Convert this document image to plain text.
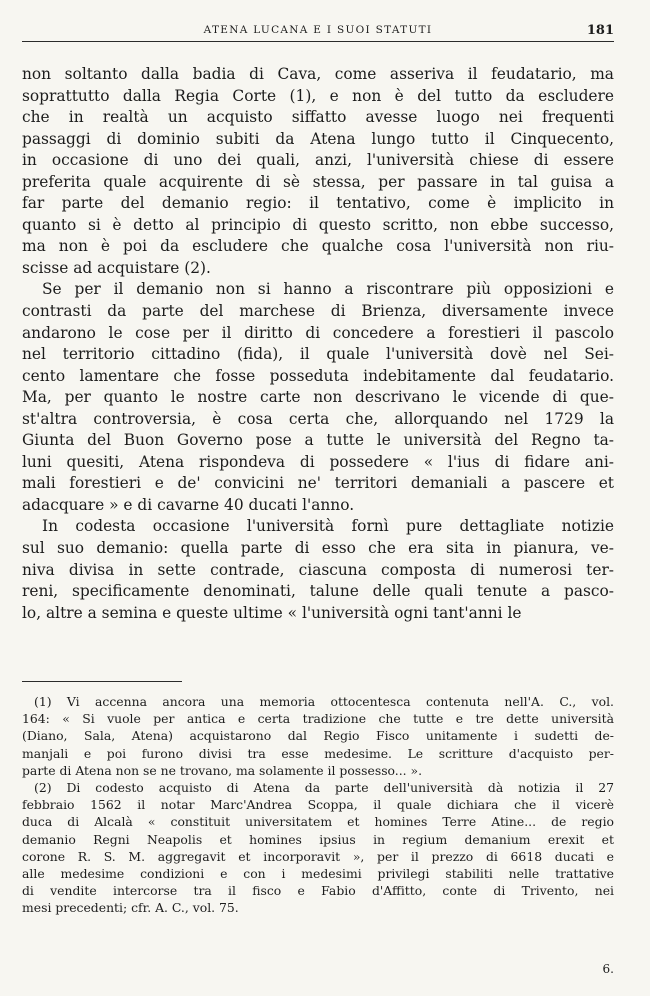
ATENA LUCANA E I SUOI STATUTI	181
non soltanto dalla badia di Cava, come asseriva il feudatario, ma
soprattutto dalla Regia Corte (1), e non è del tutto da escludere
che in realtà un acquisto siffatto avesse luogo nei frequenti
passaggi di dominio subiti da Atena lungo tutto il Cinquecento,
in occasione di uno dei quali, anzi, l'università chiese di essere
preferita quale acquirente di sè stessa, per passare in tal guisa a
far parte del demanio regio: il tentativo, come è implicito in
quanto si è detto al principio di questo scritto, non ebbe successo,
ma non è poi da escludere che qualche cosa l'università non riu-
scisse ad acquistare (2).
Se per il demanio non si hanno a riscontrare più opposizioni e
contrasti da parte del marchese di Brienza, diversamente invece
andarono le cose per il diritto di concedere a forestieri il pascolo
nel territorio cittadino (fida), il quale l'università dovè nel Sei-
cento lamentare che fosse posseduta indebitamente dal feudatario.
Ma, per quanto le nostre carte non descrivano le vicende di que-
st'altra controversia, è cosa certa che, allorquando nel 1729 la
Giunta del Buon Governo pose a tutte le università del Regno ta-
luni quesiti, Atena rispondeva di possedere « l'ius di fidare ani-
mali forestieri e de' convicini ne' territori demaniali a pascere et
adacquare » e di cavarne 40 ducati l'anno.
In codesta occasione l'università fornì pure dettagliate notizie
sul suo demanio: quella parte di esso che era sita in pianura, ve-
niva divisa in sette contrade, ciascuna composta di numerosi ter-
reni, specificamente denominati, talune delle quali tenute a pasco-
lo, altre a semina e queste ultime « l'università ogni tant'anni le
(1) Vi accenna ancora una memoria ottocentesca contenuta nell'A. C., vol.
164: « Si vuole per antica e certa tradizione che tutte e tre dette università
(Diano, Sala, Atena) acquistarono dal Regio Fisco unitamente i sudetti de-
manjali e poi furono divisi tra esse medesime. Le scritture d'acquisto per-
parte di Atena non se ne trovano, ma solamente il possesso... ».
(2) Di codesto acquisto di Atena da parte dell'università dà notizia il 27
febbraio 1562 il notar Marc'Andrea Scoppa, il quale dichiara che il vicerè
duca di Alcalà « constituit universitatem et homines Terre Atine... de regio
demanio Regni Neapolis et homines ipsius in regium demanium erexit et
corone R. S. M. aggregavit et incorporavit », per il prezzo di 6618 ducati e
alle medesime condizioni e con i medesimi privilegi stabiliti nelle trattative
di vendite intercorse tra il fisco e Fabio d'Affitto, conte di Trivento, nei
mesi precedenti; cfr. A. C., vol. 75.
6.
